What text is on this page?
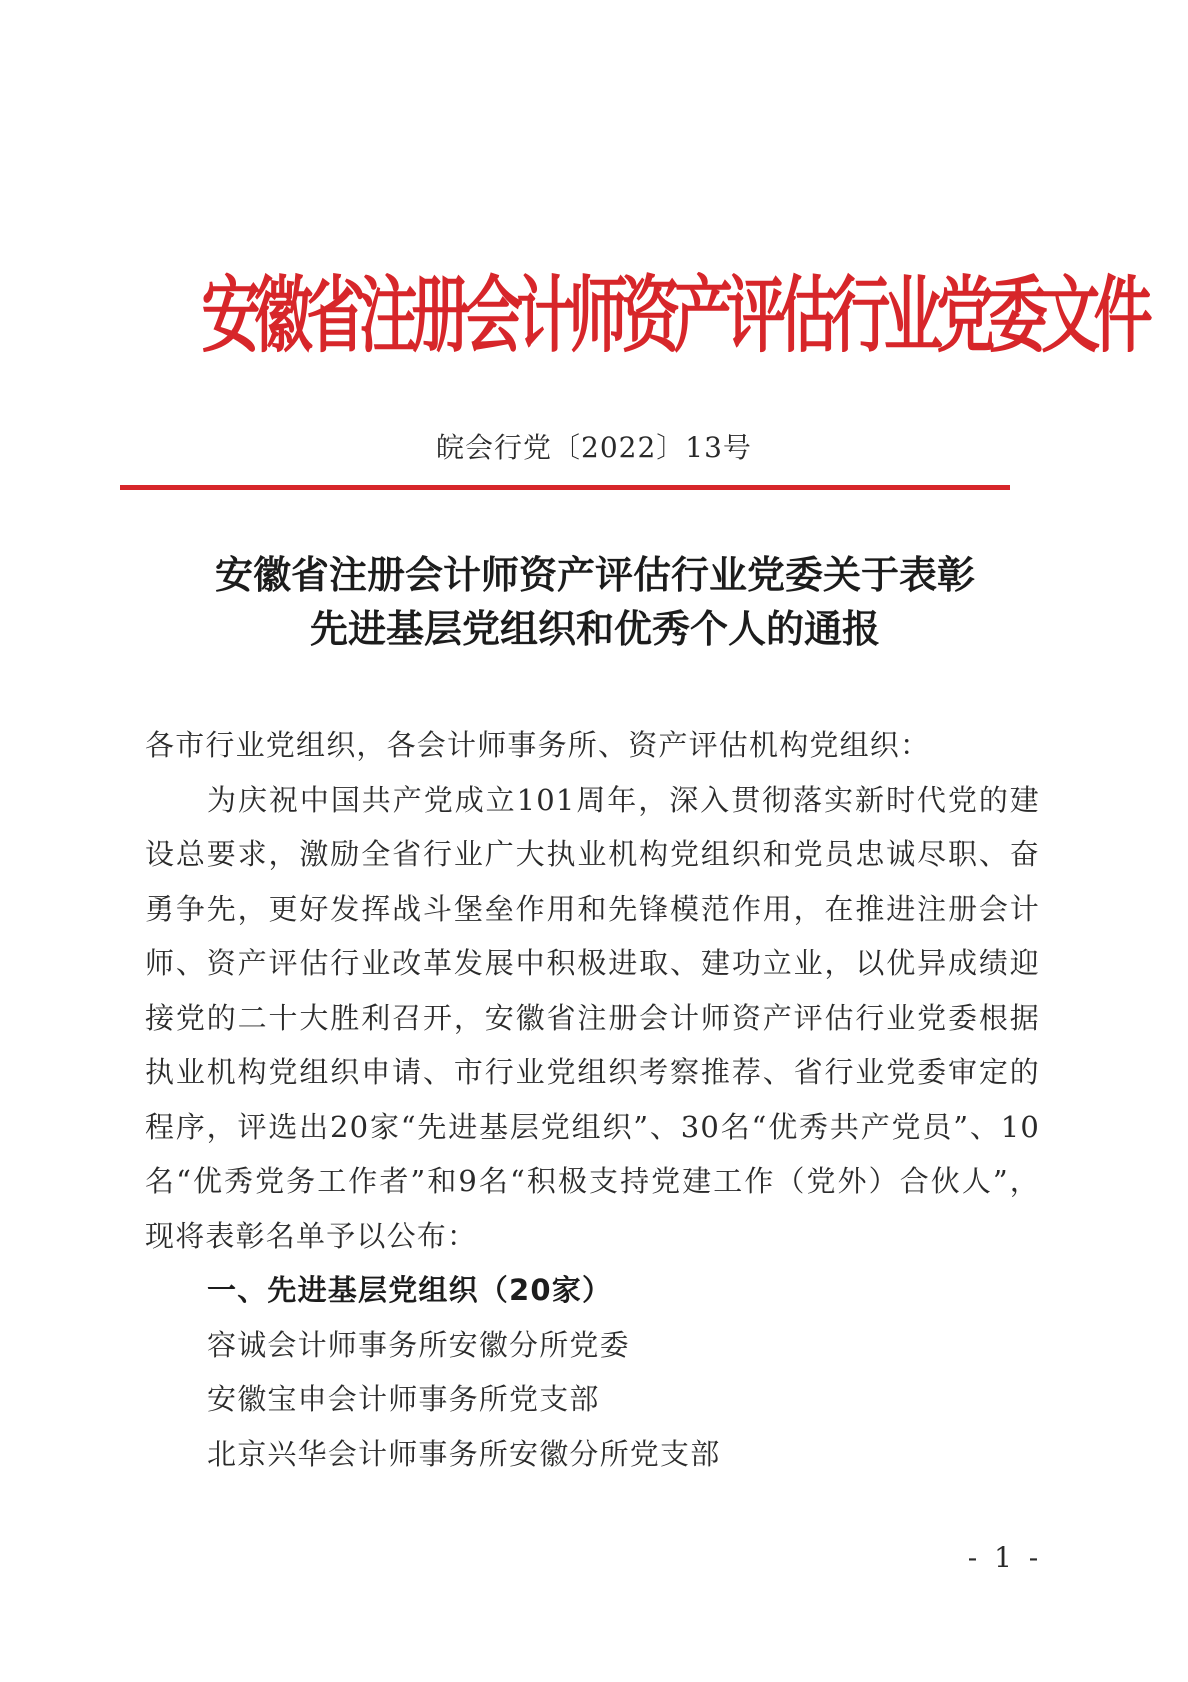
安徽省注册会计师资产评估行业党委文件
皖会行党〔2022〕13号
安徽省注册会计师资产评估行业党委关于表彰
先进基层党组织和优秀个人的通报

各市行业党组织，各会计师事务所、资产评估机构党组织：

为庆祝中国共产党成立101周年，深入贯彻落实新时代党的建设总要求，激励全省行业广大执业机构党组织和党员忠诚尽职、奋勇争先，更好发挥战斗堡垒作用和先锋模范作用，在推进注册会计师、资产评估行业改革发展中积极进取、建功立业，以优异成绩迎接党的二十大胜利召开，安徽省注册会计师资产评估行业党委根据执业机构党组织申请、市行业党组织考察推荐、省行业党委审定的程序，评选出20家“先进基层党组织”、30名“优秀共产党员”、10名“优秀党务工作者”和9名“积极支持党建工作（党外）合伙人”，现将表彰名单予以公布：

一、先进基层党组织（20家）

容诚会计师事务所安徽分所党委
安徽宝申会计师事务所党支部
北京兴华会计师事务所安徽分所党支部
- 1 -
